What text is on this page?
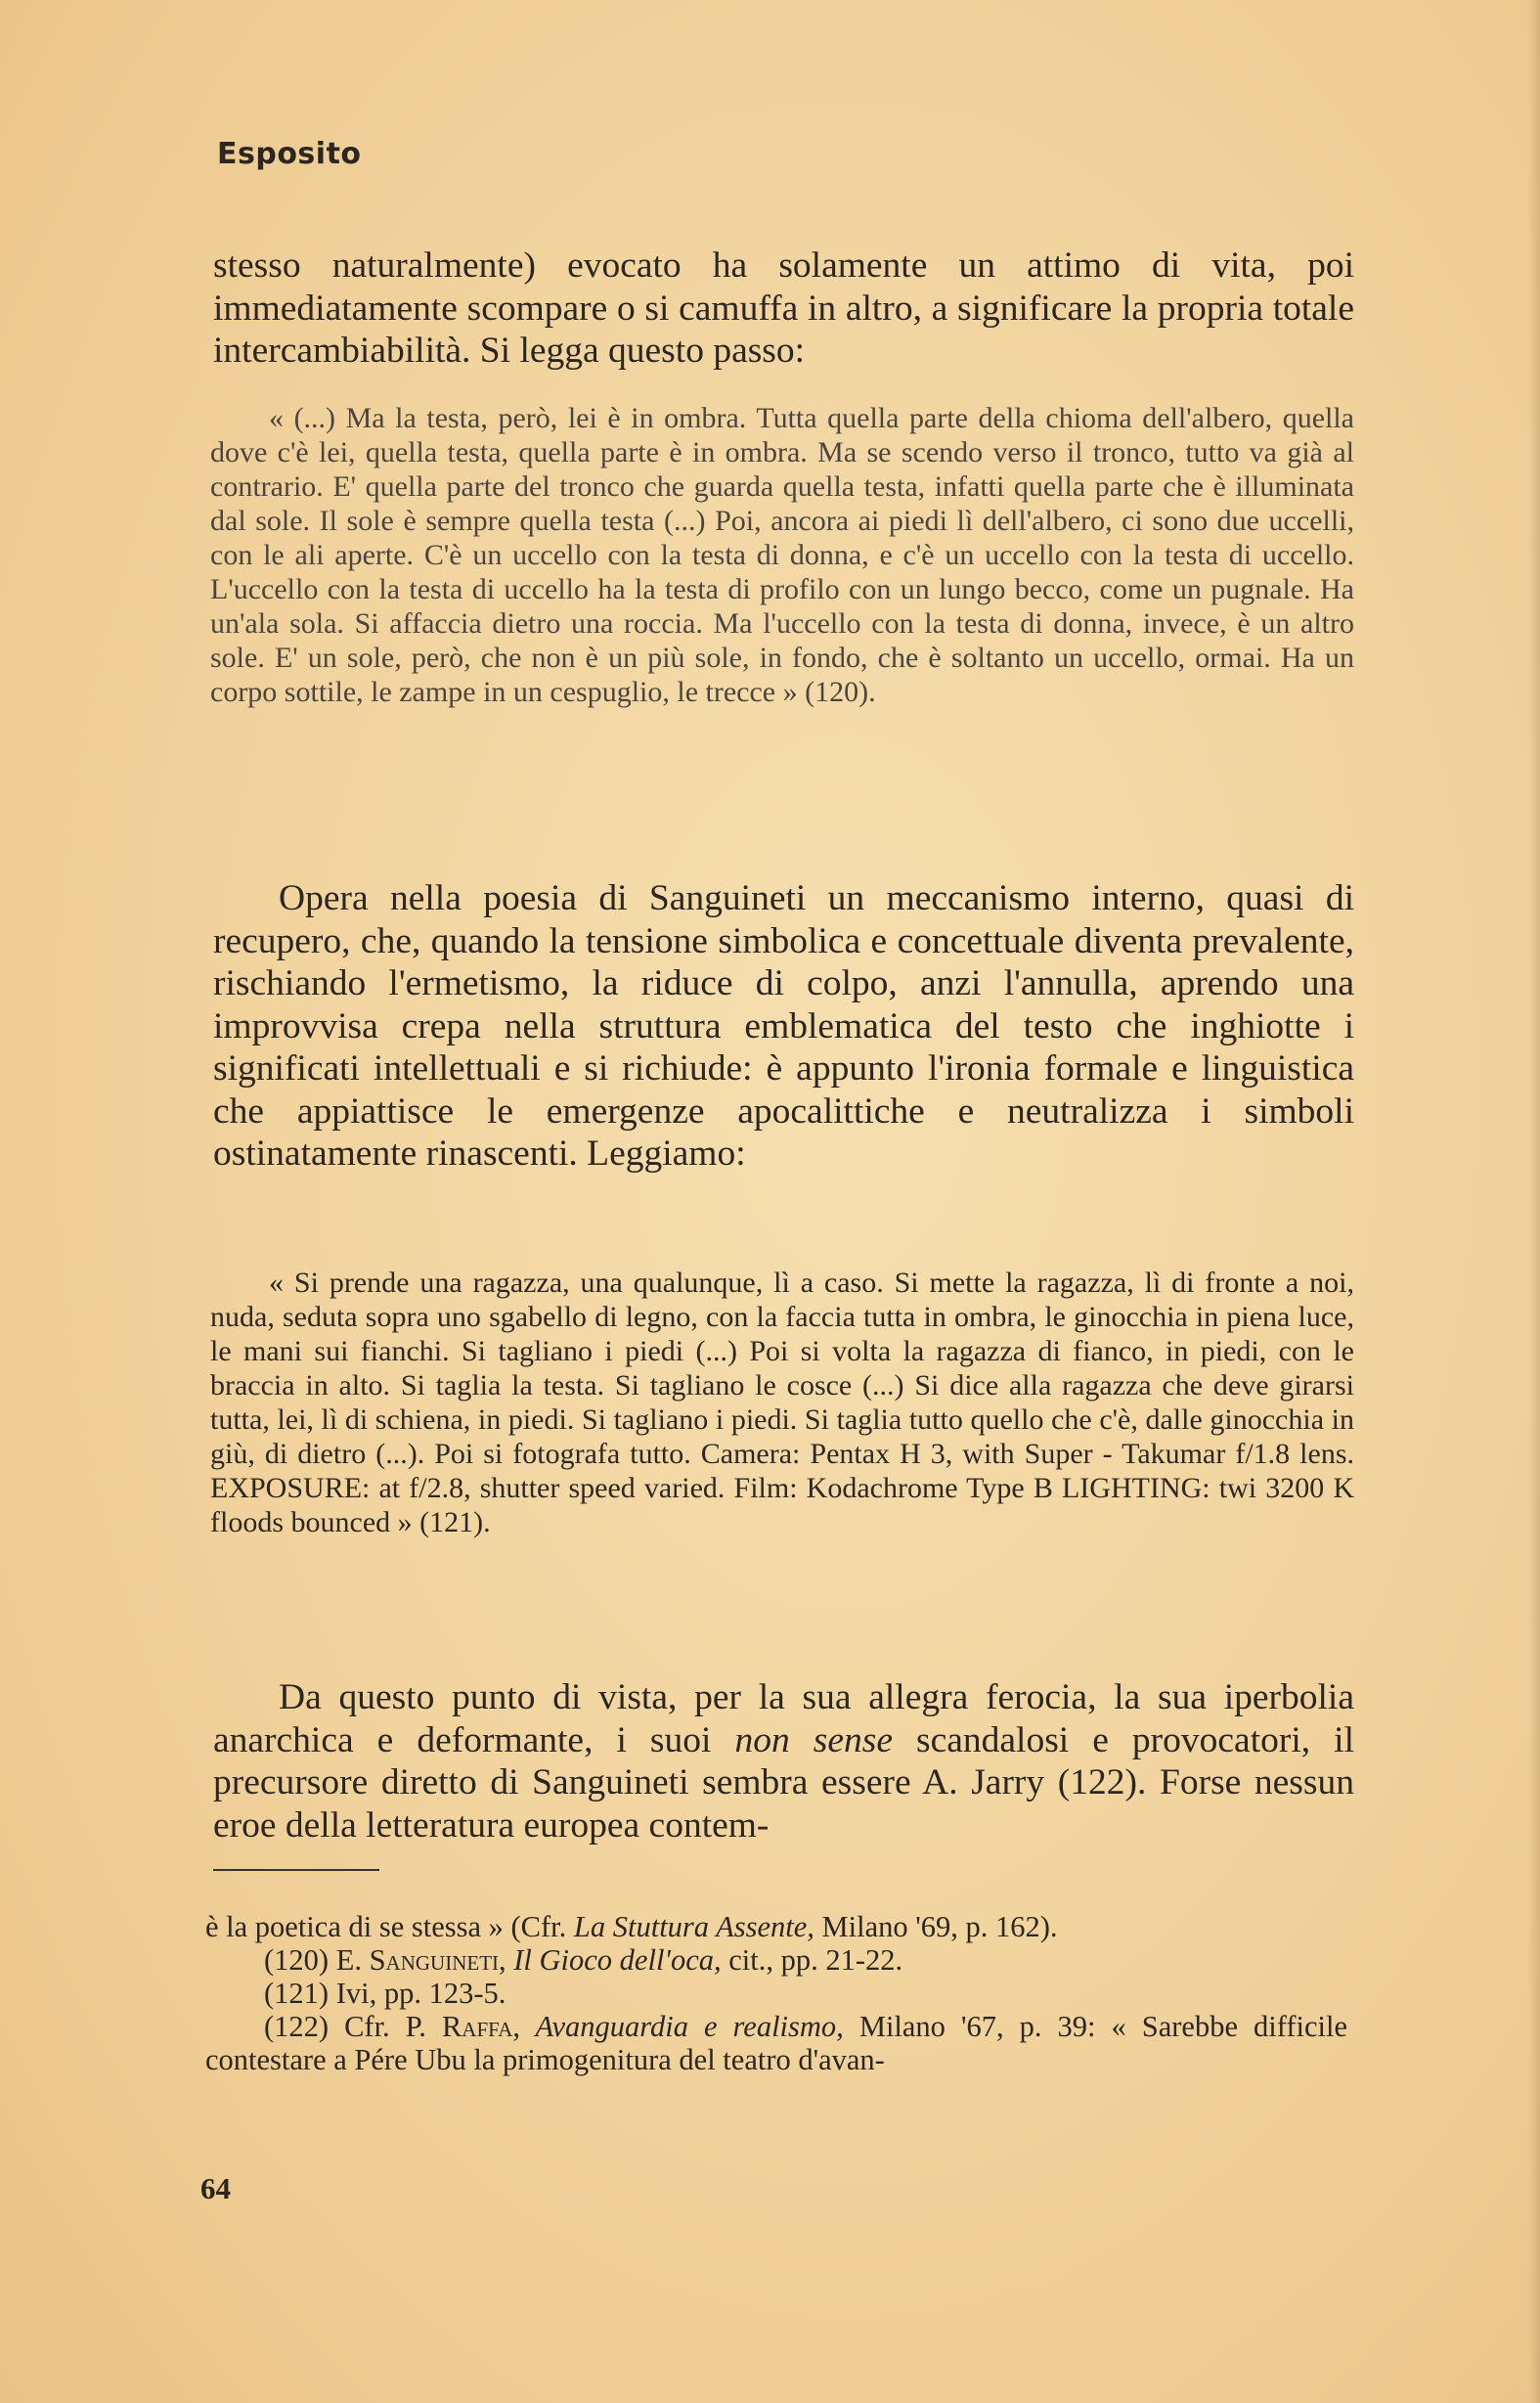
Esposito
stesso naturalmente) evocato ha solamente un attimo di vita, poi immediatamente scompare o si camuffa in altro, a significare la propria totale intercambiabilità. Si legga questo passo:
« (...) Ma la testa, però, lei è in ombra. Tutta quella parte della chioma dell'albero, quella dove c'è lei, quella testa, quella parte è in ombra. Ma se scendo verso il tronco, tutto va già al contrario. E' quella parte del tronco che guarda quella testa, infatti quella parte che è illuminata dal sole. Il sole è sempre quella testa (...) Poi, ancora ai piedi lì dell'albero, ci sono due uccelli, con le ali aperte. C'è un uccello con la testa di donna, e c'è un uccello con la testa di uccello. L'uccello con la testa di uccello ha la testa di profilo con un lungo becco, come un pugnale. Ha un'ala sola. Si affaccia dietro una roccia. Ma l'uccello con la testa di donna, invece, è un altro sole. E' un sole, però, che non è un più sole, in fondo, che è soltanto un uccello, ormai. Ha un corpo sottile, le zampe in un cespuglio, le trecce » (120).
Opera nella poesia di Sanguineti un meccanismo interno, quasi di recupero, che, quando la tensione simbolica e concettuale diventa prevalente, rischiando l'ermetismo, la riduce di colpo, anzi l'annulla, aprendo una improvvisa crepa nella struttura emblematica del testo che inghiotte i significati intellettuali e si richiude: è appunto l'ironia formale e linguistica che appiattisce le emergenze apocalittiche e neutralizza i simboli ostinatamente rinascenti. Leggiamo:
« Si prende una ragazza, una qualunque, lì a caso. Si mette la ragazza, lì di fronte a noi, nuda, seduta sopra uno sgabello di legno, con la faccia tutta in ombra, le ginocchia in piena luce, le mani sui fianchi. Si tagliano i piedi (...) Poi si volta la ragazza di fianco, in piedi, con le braccia in alto. Si taglia la testa. Si tagliano le cosce (...) Si dice alla ragazza che deve girarsi tutta, lei, lì di schiena, in piedi. Si tagliano i piedi. Si taglia tutto quello che c'è, dalle ginocchia in giù, di dietro (...). Poi si fotografa tutto. Camera: Pentax H 3, with Super - Takumar f/1.8 lens. EXPOSURE: at f/2.8, shutter speed varied. Film: Kodachrome Type B LIGHTING: twi 3200 K floods bounced » (121).
Da questo punto di vista, per la sua allegra ferocia, la sua iperbolia anarchica e deformante, i suoi non sense scandalosi e provocatori, il precursore diretto di Sanguineti sembra essere A. Jarry (122). Forse nessun eroe della letteratura europea contem-

è la poetica di se stessa » (Cfr. La Stuttura Assente, Milano '69, p. 162).

(120) E. Sanguineti, Il Gioco dell'oca, cit., pp. 21-22.

(121) Ivi, pp. 123-5.

(122) Cfr. P. Raffa, Avanguardia e realismo, Milano '67, p. 39: « Sarebbe difficile contestare a Pére Ubu la primogenitura del teatro d'avan-

64
